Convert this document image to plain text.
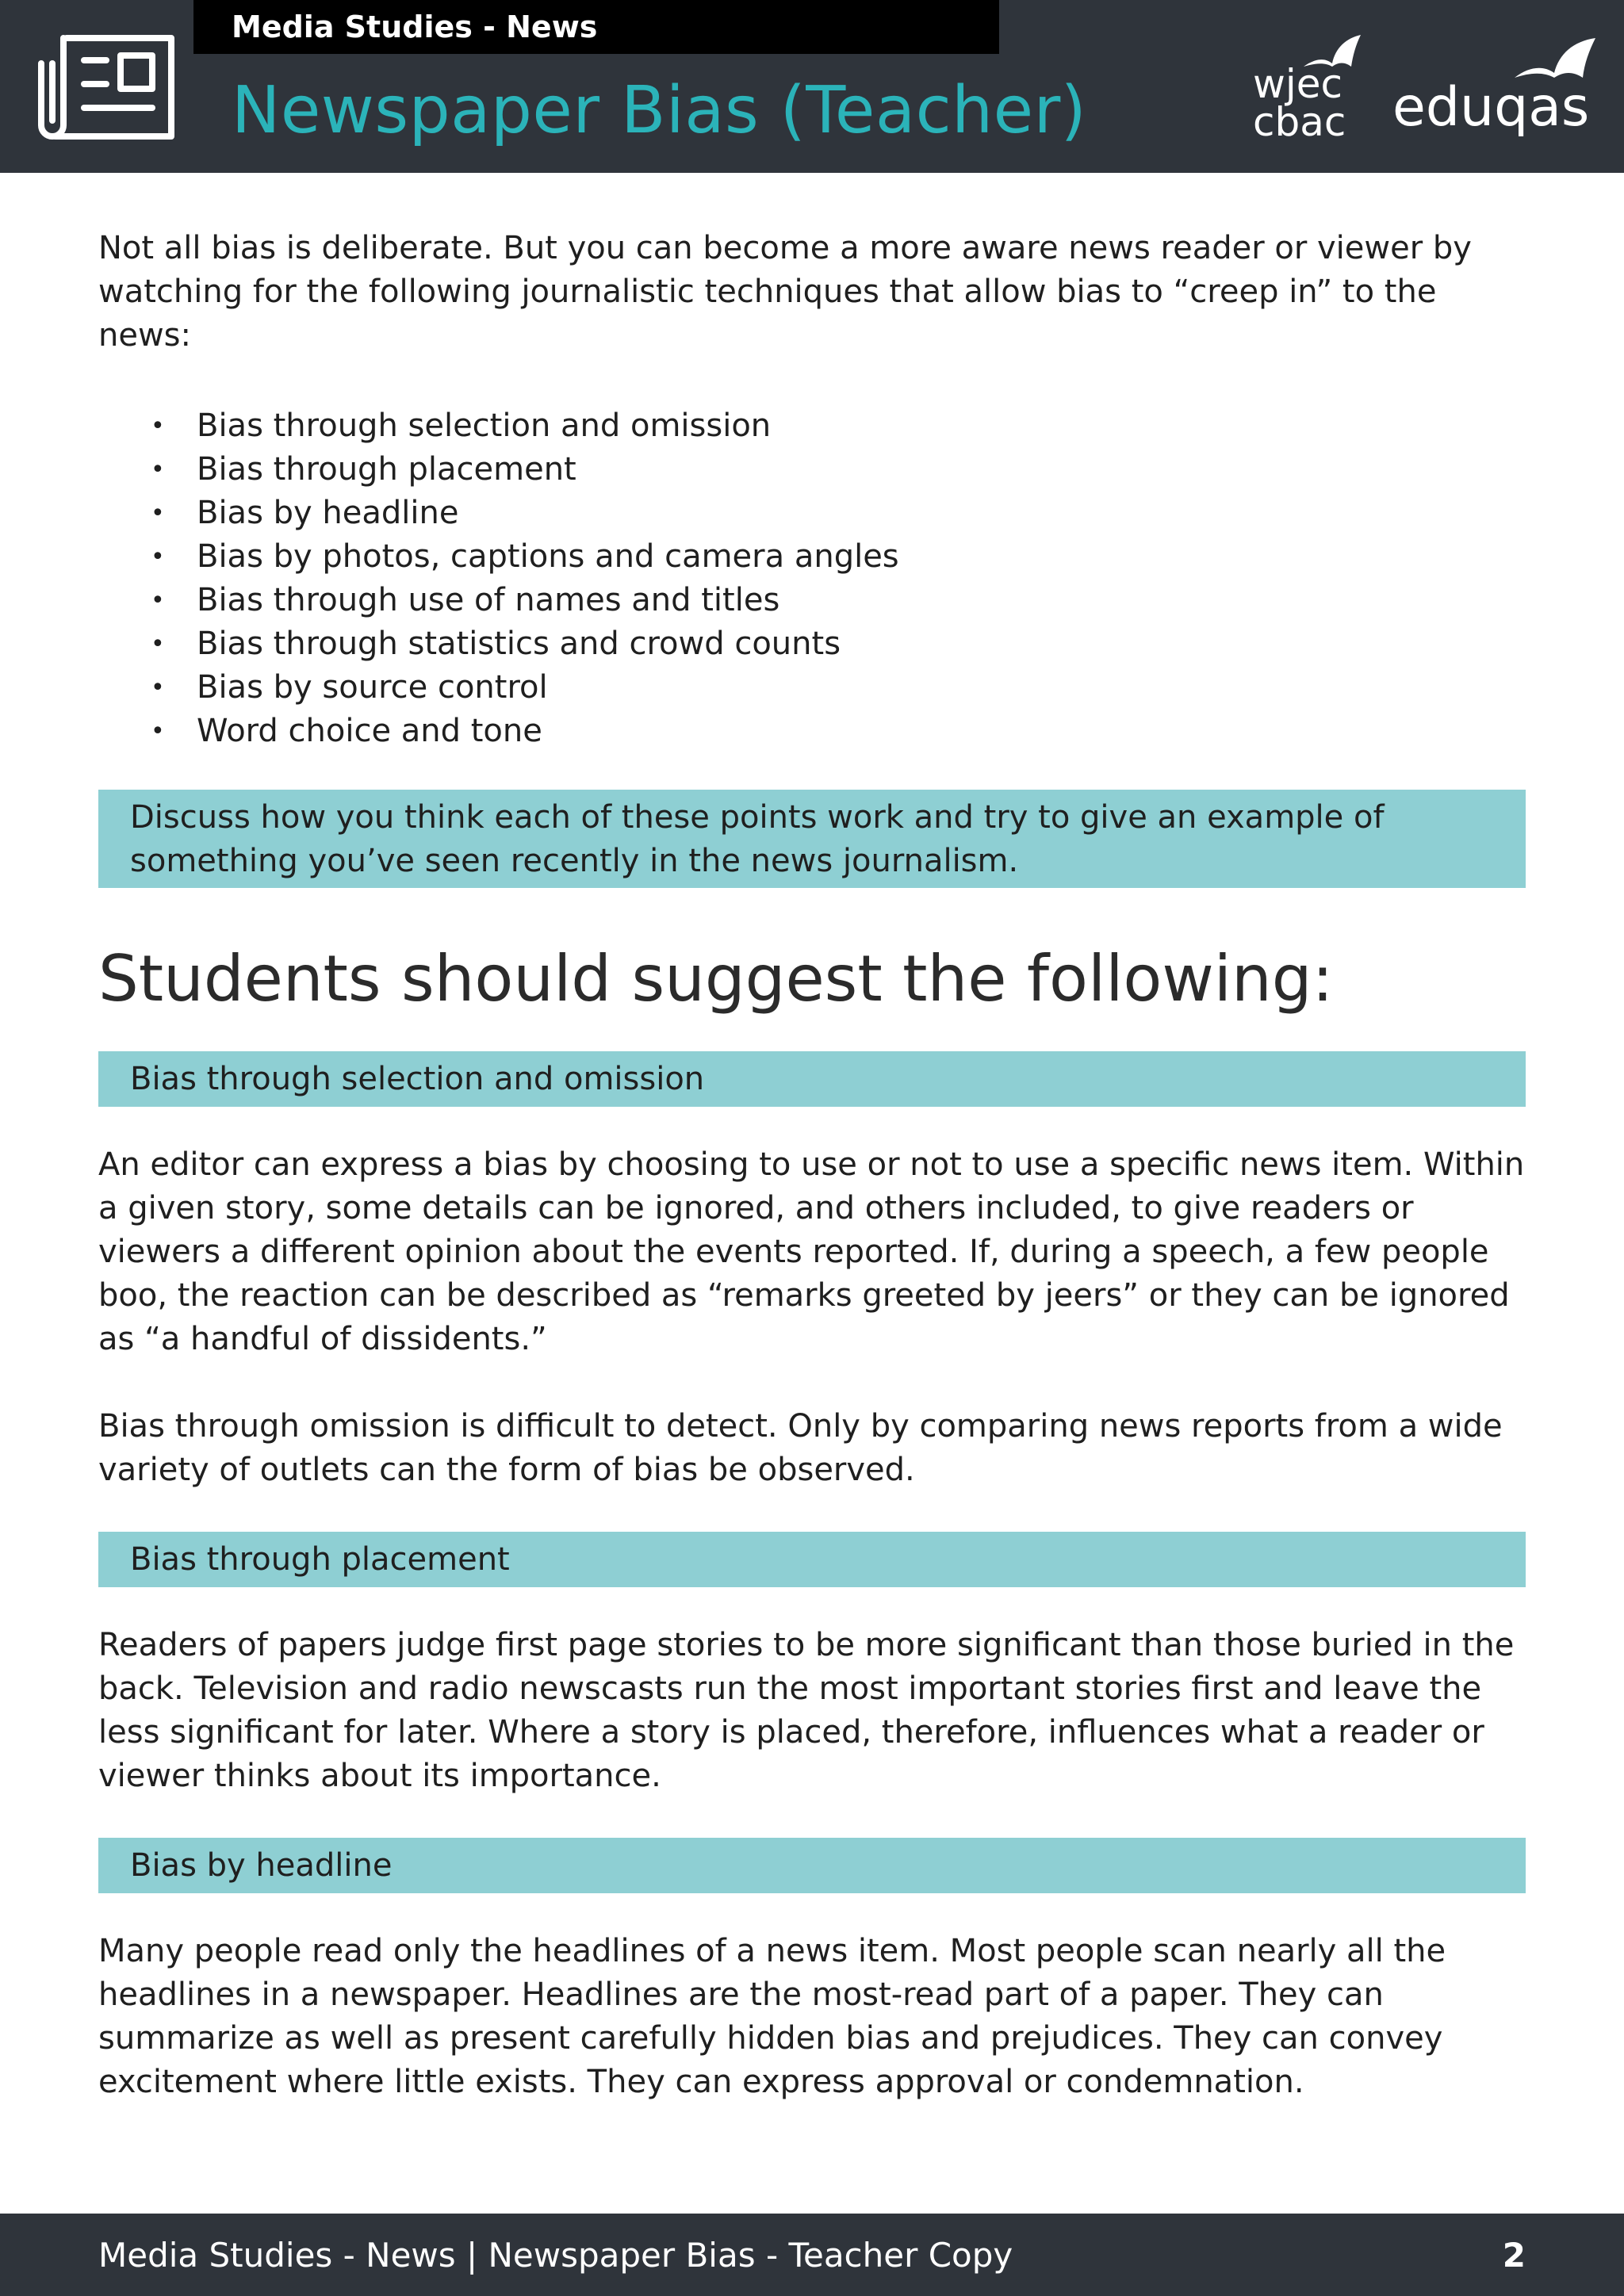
Media Studies - News
Newspaper Bias (Teacher)	wjec
cbac eduqas

Not all bias is deliberate. But you can become a more aware news reader or viewer by watching for the following journalistic techniques that allow bias to “creep in” to the news:

• Bias through selection and omission
• Bias through placement
• Bias by headline
• Bias by photos, captions and camera angles
• Bias through use of names and titles
• Bias through statistics and crowd counts
• Bias by source control
• Word choice and tone
Discuss how you think each of these points work and try to give an example of
something you’ve seen recently in the news journalism.
Students should suggest the following:
Bias through selection and omission

An editor can express a bias by choosing to use or not to use a specific news item. Within a given story, some details can be ignored, and others included, to give readers or viewers a different opinion about the events reported. If, during a speech, a few people boo, the reaction can be described as “remarks greeted by jeers” or they can be ignored as “a handful of dissidents.”

Bias through omission is difficult to detect. Only by comparing news reports from a wide variety of outlets can the form of bias be observed.

Bias through placement

Readers of papers judge first page stories to be more significant than those buried in the back. Television and radio newscasts run the most important stories first and leave the less significant for later. Where a story is placed, therefore, influences what a reader or viewer thinks about its importance.

Bias by headline

Many people read only the headlines of a news item. Most people scan nearly all the headlines in a newspaper. Headlines are the most-read part of a paper. They can summarize as well as present carefully hidden bias and prejudices. They can convey excitement where little exists. They can express approval or condemnation.

Media Studies - News | Newspaper Bias - Teacher Copy	2
